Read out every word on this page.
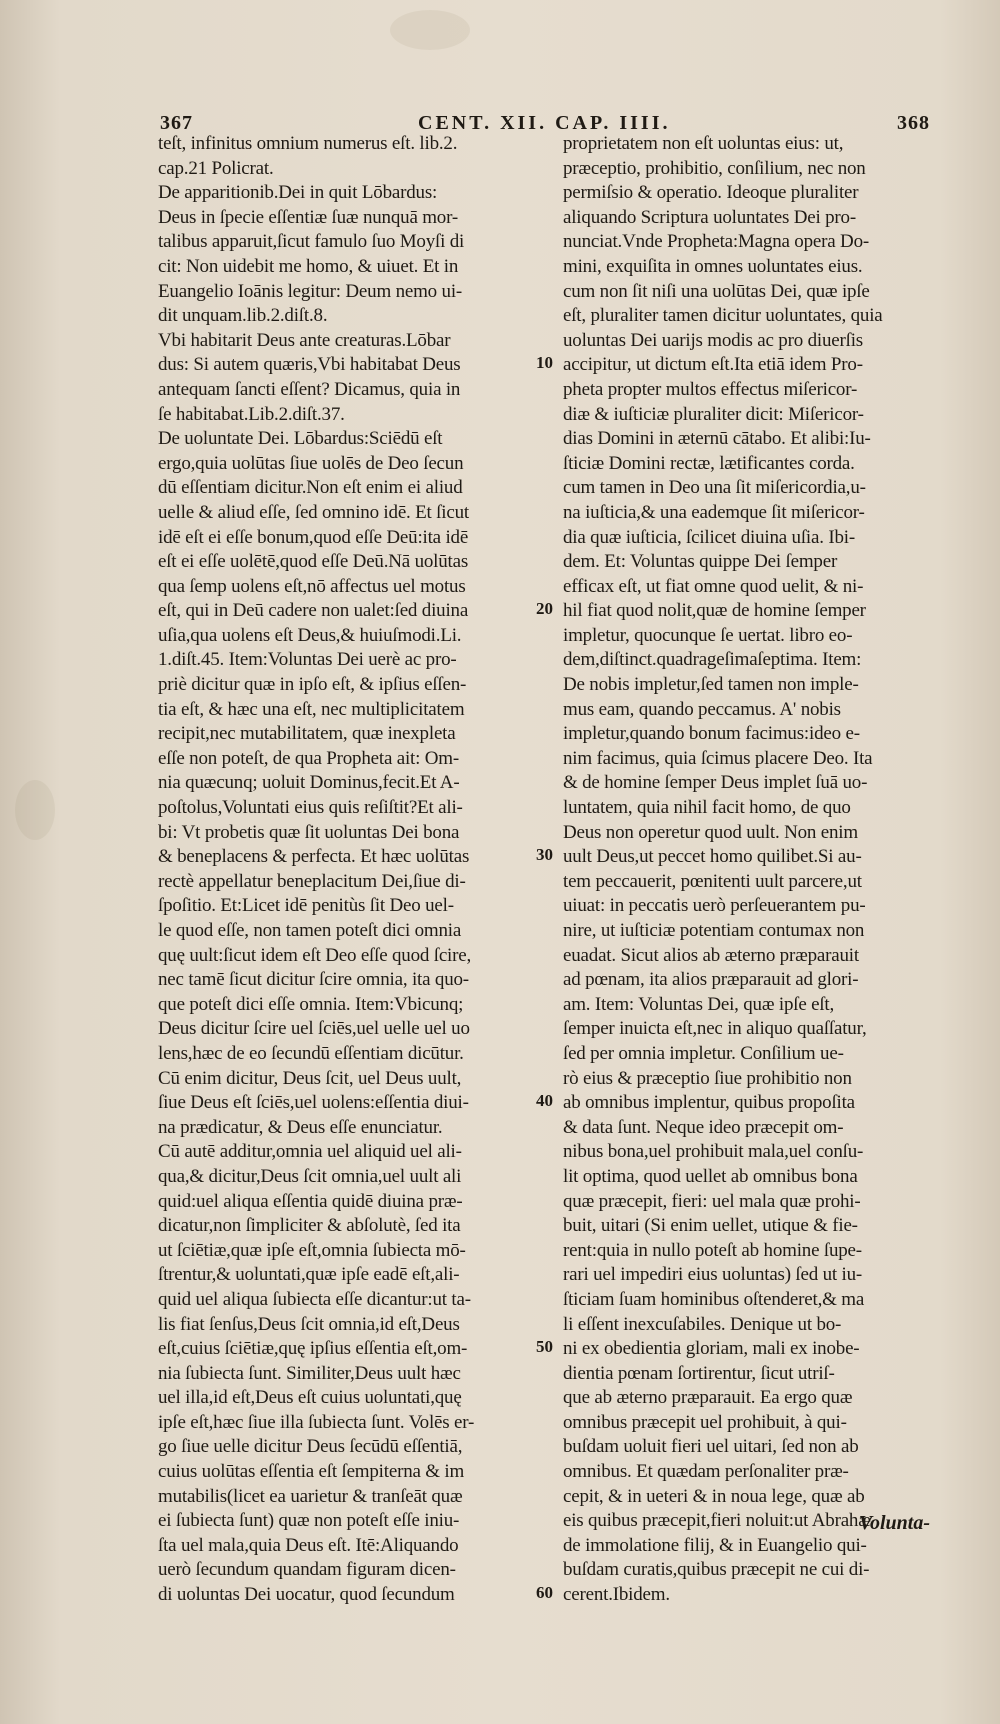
367	CENT. XII. CAP. IIII.	368
teſt, infinitus omnium numerus eſt. lib.2.
cap.21 Policrat.
De apparitionib.Dei in quit Lōbardus:
Deus in ſpecie eſſentiæ ſuæ nunquā mor-
talibus apparuit,ſicut famulo ſuo Moyſi di
cit: Non uidebit me homo, & uiuet. Et in
Euangelio Ioānis legitur: Deum nemo ui-
dit unquam.lib.2.diſt.8.
Vbi habitarit Deus ante creaturas.Lōbar
dus: Si autem quæris,Vbi habitabat Deus
antequam ſancti eſſent? Dicamus, quia in
ſe habitabat.Lib.2.diſt.37.
De uoluntate Dei. Lōbardus:Sciēdū eſt
ergo,quia uolūtas ſiue uolēs de Deo ſecun
dū eſſentiam dicitur.Non eſt enim ei aliud
uelle & aliud eſſe, ſed omnino idē. Et ſicut
idē eſt ei eſſe bonum,quod eſſe Deū:ita idē
eſt ei eſſe uolētē,quod eſſe Deū.Nā uolūtas
qua ſemp uolens eſt,nō affectus uel motus
eſt, qui in Deū cadere non ualet:ſed diuina
uſia,qua uolens eſt Deus,& huiuſmodi.Li.
1.diſt.45. Item:Voluntas Dei uerè ac pro-
priè dicitur quæ in ipſo eſt, & ipſius eſſen-
tia eſt, & hæc una eſt, nec multiplicitatem
recipit,nec mutabilitatem, quæ inexpleta
eſſe non poteſt, de qua Propheta ait: Om-
nia quæcunq; uoluit Dominus,fecit.Et A-
poſtolus,Voluntati eius quis reſiſtit?Et ali-
bi: Vt probetis quæ ſit uoluntas Dei bona
& beneplacens & perfecta. Et hæc uolūtas
rectè appellatur beneplacitum Dei,ſiue di-
ſpoſitio. Et:Licet idē penitùs ſit Deo uel-
le quod eſſe, non tamen poteſt dici omnia
quę uult:ſicut idem eſt Deo eſſe quod ſcire,
nec tamē ſicut dicitur ſcire omnia, ita quo-
que poteſt dici eſſe omnia. Item:Vbicunq;
Deus dicitur ſcire uel ſciēs,uel uelle uel uo
lens,hæc de eo ſecundū eſſentiam dicūtur.
Cū enim dicitur, Deus ſcit, uel Deus uult,
ſiue Deus eſt ſciēs,uel uolens:eſſentia diui-
na prædicatur, & Deus eſſe enunciatur.
Cū autē additur,omnia uel aliquid uel ali-
qua,& dicitur,Deus ſcit omnia,uel uult ali
quid:uel aliqua eſſentia quidē diuina præ-
dicatur,non ſimpliciter & abſolutè, ſed ita
ut ſciētiæ,quæ ipſe eſt,omnia ſubiecta mō-
ſtrentur,& uoluntati,quæ ipſe eadē eſt,ali-
quid uel aliqua ſubiecta eſſe dicantur:ut ta-
lis fiat ſenſus,Deus ſcit omnia,id eſt,Deus
eſt,cuius ſciētiæ,quę ipſius eſſentia eſt,om-
nia ſubiecta ſunt. Similiter,Deus uult hæc
uel illa,id eſt,Deus eſt cuius uoluntati,quę
ipſe eſt,hæc ſiue illa ſubiecta ſunt. Volēs er-
go ſiue uelle dicitur Deus ſecūdū eſſentiā,
cuius uolūtas eſſentia eſt ſempiterna & im
mutabilis(licet ea uarietur & tranſeāt quæ
ei ſubiecta ſunt) quæ non poteſt eſſe iniu-
ſta uel mala,quia Deus eſt. Itē:Aliquando
uerò ſecundum quandam figuram dicen-
di uoluntas Dei uocatur, quod ſecundum
proprietatem non eſt uoluntas eius: ut,
præceptio, prohibitio, conſilium, nec non
permiſsio & operatio. Ideoque pluraliter
aliquando Scriptura uoluntates Dei pro-
nunciat.Vnde Propheta:Magna opera Do-
mini, exquiſita in omnes uoluntates eius.
cum non ſit niſi una uolūtas Dei, quæ ipſe
eſt, pluraliter tamen dicitur uoluntates, quia
uoluntas Dei uarijs modis ac pro diuerſis
accipitur, ut dictum eſt.Ita etiā idem Pro-
pheta propter multos effectus miſericor-
diæ & iuſticiæ pluraliter dicit: Miſericor-
dias Domini in æternū cātabo. Et alibi:Iu-
ſticiæ Domini rectæ, lætificantes corda.
cum tamen in Deo una ſit miſericordia,u-
na iuſticia,& una eademque ſit miſericor-
dia quæ iuſticia, ſcilicet diuina uſia. Ibi-
dem. Et: Voluntas quippe Dei ſemper
efficax eſt, ut fiat omne quod uelit, & ni-
hil fiat quod nolit,quæ de homine ſemper
impletur, quocunque ſe uertat. libro eo-
dem,diſtinct.quadrageſimaſeptima. Item:
De nobis impletur,ſed tamen non imple-
mus eam, quando peccamus. A' nobis
impletur,quando bonum facimus:ideo e-
nim facimus, quia ſcimus placere Deo. Ita
& de homine ſemper Deus implet ſuā uo-
luntatem, quia nihil facit homo, de quo
Deus non operetur quod uult. Non enim
uult Deus,ut peccet homo quilibet.Si au-
tem peccauerit, pœnitenti uult parcere,ut
uiuat: in peccatis uerò perſeuerantem pu-
nire, ut iuſticiæ potentiam contumax non
euadat. Sicut alios ab æterno præparauit
ad pœnam, ita alios præparauit ad glori-
am. Item: Voluntas Dei, quæ ipſe eſt,
ſemper inuicta eſt,nec in aliquo quaſſatur,
ſed per omnia impletur. Conſilium ue-
rò eius & præceptio ſiue prohibitio non
ab omnibus implentur, quibus propoſita
& data ſunt. Neque ideo præcepit om-
nibus bona,uel prohibuit mala,uel conſu-
lit optima, quod uellet ab omnibus bona
quæ præcepit, fieri: uel mala quæ prohi-
buit, uitari (Si enim uellet, utique & fie-
rent:quia in nullo poteſt ab homine ſupe-
rari uel impediri eius uoluntas) ſed ut iu-
ſticiam ſuam hominibus oſtenderet,& ma
li eſſent inexcuſabiles. Denique ut bo-
ni ex obedientia gloriam, mali ex inobe-
dientia pœnam ſortirentur, ſicut utriſ-
que ab æterno præparauit. Ea ergo quæ
omnibus præcepit uel prohibuit, à qui-
buſdam uoluit fieri uel uitari, ſed non ab
omnibus. Et quædam perſonaliter præ-
cepit, & in ueteri & in noua lege, quæ ab
eis quibus præcepit,fieri noluit:ut Abrahæ
de immolatione filij, & in Euangelio qui-
buſdam curatis,quibus præcepit ne cui di-
cerent.Ibidem.
10
20
30
40
50
60
Volunta-
